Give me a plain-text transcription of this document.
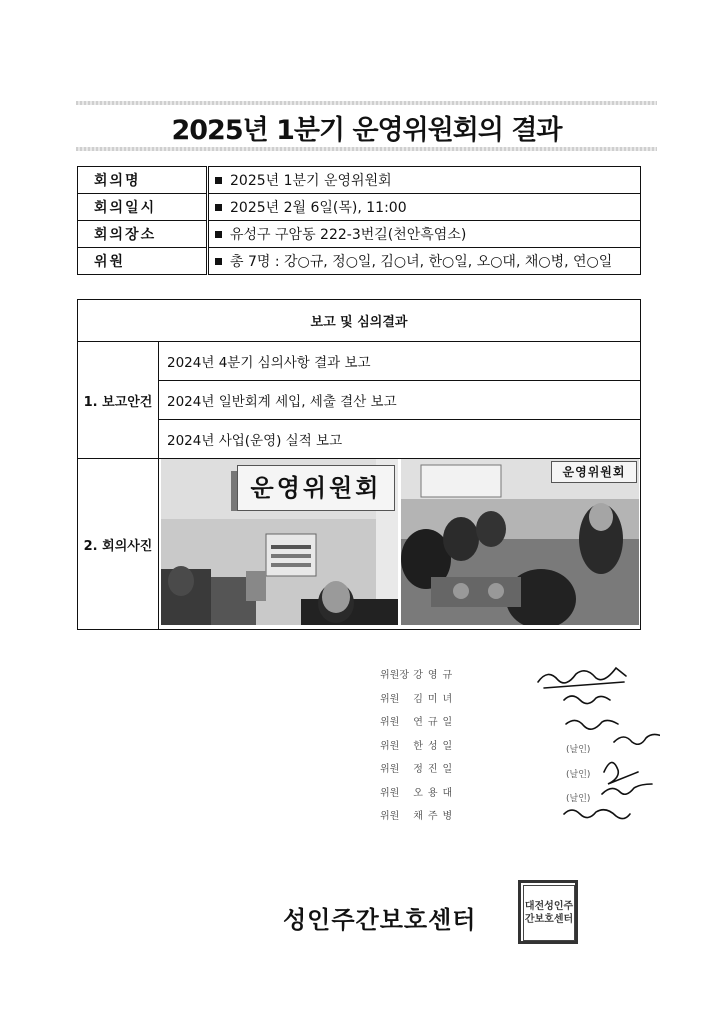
2025년 1분기 운영위원회의 결과
회의명	2025년 1분기 운영위원회
회의일시	2025년 2월 6일(목), 11:00
회의장소	유성구 구암동 222-3번길(천안흑염소)
위원	총 7명 : 강○규, 정○일, 김○녀, 한○일, 오○대, 채○병, 연○일
보고 및 심의결과	
1. 보고안건	2024년 4분기 심의사항 결과 보고
	2024년 일반회계 세입, 세출 결산 보고
	2024년 사업(운영) 실적 보고
2. 회의사진	
운영위원회
운영위원회
위원장 강영규
위원 김미녀
위원 연규일
위원 한성일
위원 정진일
위원 오용대
위원 채주병
(날인)
(날인)
(날인)
성인주간보호센터	대전성인주간보호센터
